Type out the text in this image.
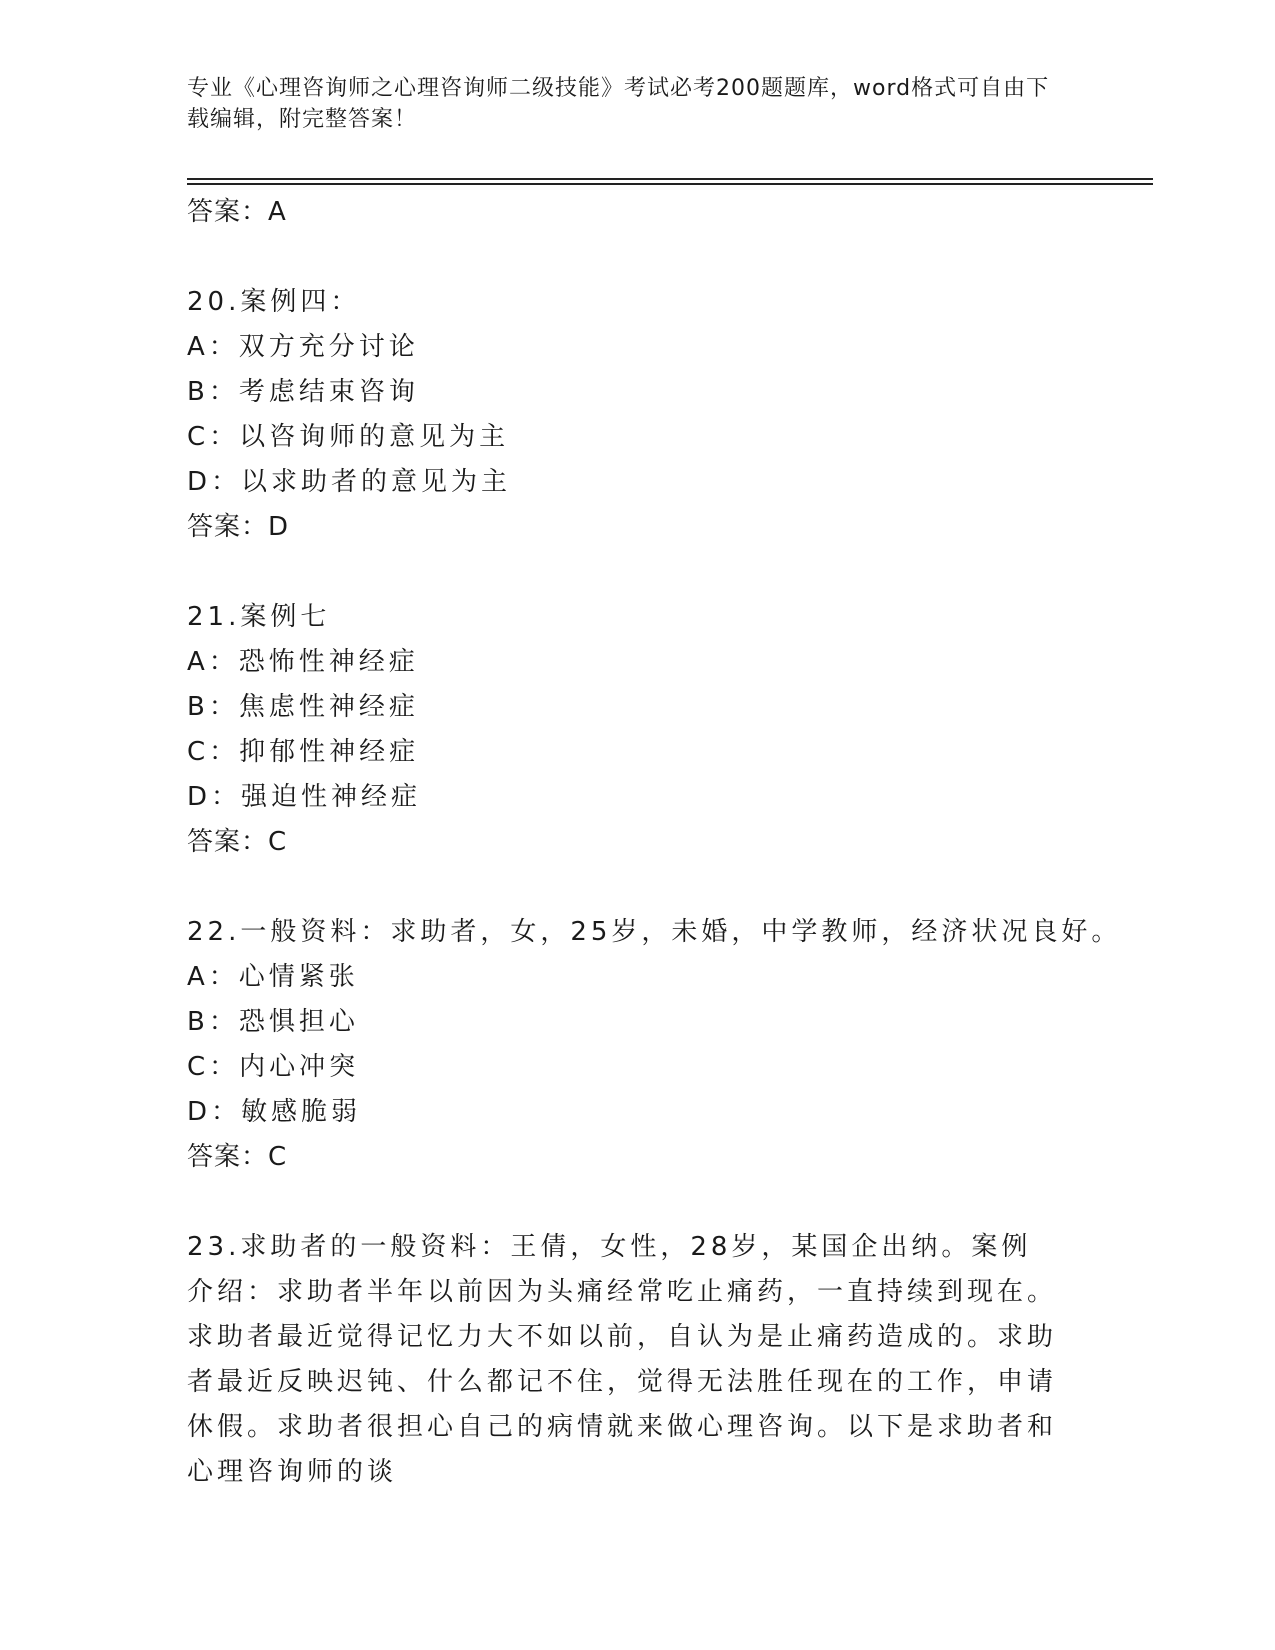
专业《心理咨询师之心理咨询师二级技能》考试必考200题题库，word格式可自由下载编辑，附完整答案！
答案：A
20.案例四：
A：双方充分讨论
B：考虑结束咨询
C：以咨询师的意见为主
D：以求助者的意见为主
答案：D
21.案例七
A：恐怖性神经症
B：焦虑性神经症
C：抑郁性神经症
D：强迫性神经症
答案：C
22.一般资料：求助者，女，25岁，未婚，中学教师，经济状况良好。
A：心情紧张
B：恐惧担心
C：内心冲突
D：敏感脆弱
答案：C
23.求助者的一般资料：王倩，女性，28岁，某国企出纳。案例介绍：求助者半年以前因为头痛经常吃止痛药，一直持续到现在。求助者最近觉得记忆力大不如以前，自认为是止痛药造成的。求助者最近反映迟钝、什么都记不住，觉得无法胜任现在的工作，申请休假。求助者很担心自己的病情就来做心理咨询。以下是求助者和心理咨询师的谈
